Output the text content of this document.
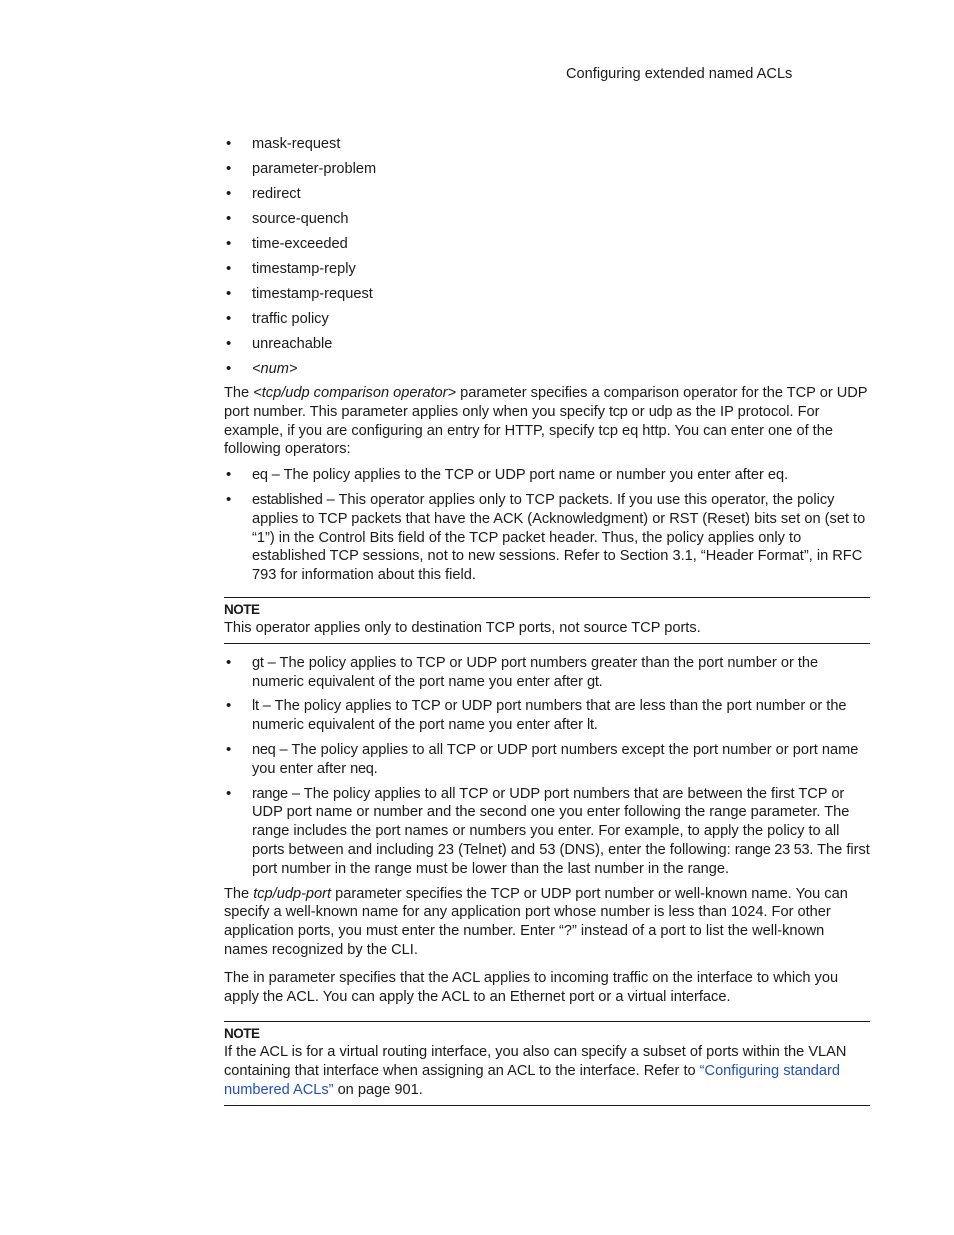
Configuring extended named ACLs
• mask-request
• parameter-problem
• redirect
• source-quench
• time-exceeded
• timestamp-reply
• timestamp-request
• traffic policy
• unreachable
• <num>

The <tcp/udp comparison operator> parameter specifies a comparison operator for the TCP or UDP port number. This parameter applies only when you specify tcp or udp as the IP protocol. For example, if you are configuring an entry for HTTP, specify tcp eq http. You can enter one of the following operators:

• eq – The policy applies to the TCP or UDP port name or number you enter after eq.
• established – This operator applies only to TCP packets. If you use this operator, the policy applies to TCP packets that have the ACK (Acknowledgment) or RST (Reset) bits set on (set to “1”) in the Control Bits field of the TCP packet header. Thus, the policy applies only to established TCP sessions, not to new sessions. Refer to Section 3.1, “Header Format”, in RFC 793 for information about this field.
NOTE
This operator applies only to destination TCP ports, not source TCP ports.
• gt – The policy applies to TCP or UDP port numbers greater than the port number or the numeric equivalent of the port name you enter after gt.
• lt – The policy applies to TCP or UDP port numbers that are less than the port number or the numeric equivalent of the port name you enter after lt.
• neq – The policy applies to all TCP or UDP port numbers except the port number or port name you enter after neq.
• range – The policy applies to all TCP or UDP port numbers that are between the first TCP or UDP port name or number and the second one you enter following the range parameter. The range includes the port names or numbers you enter. For example, to apply the policy to all ports between and including 23 (Telnet) and 53 (DNS), enter the following: range 23 53. The first port number in the range must be lower than the last number in the range.

The tcp/udp-port parameter specifies the TCP or UDP port number or well-known name. You can specify a well-known name for any application port whose number is less than 1024. For other application ports, you must enter the number. Enter “?” instead of a port to list the well-known names recognized by the CLI.

The in parameter specifies that the ACL applies to incoming traffic on the interface to which you apply the ACL. You can apply the ACL to an Ethernet port or a virtual interface.

NOTE
If the ACL is for a virtual routing interface, you also can specify a subset of ports within the VLAN containing that interface when assigning an ACL to the interface. Refer to “Configuring standard numbered ACLs” on page 901.
